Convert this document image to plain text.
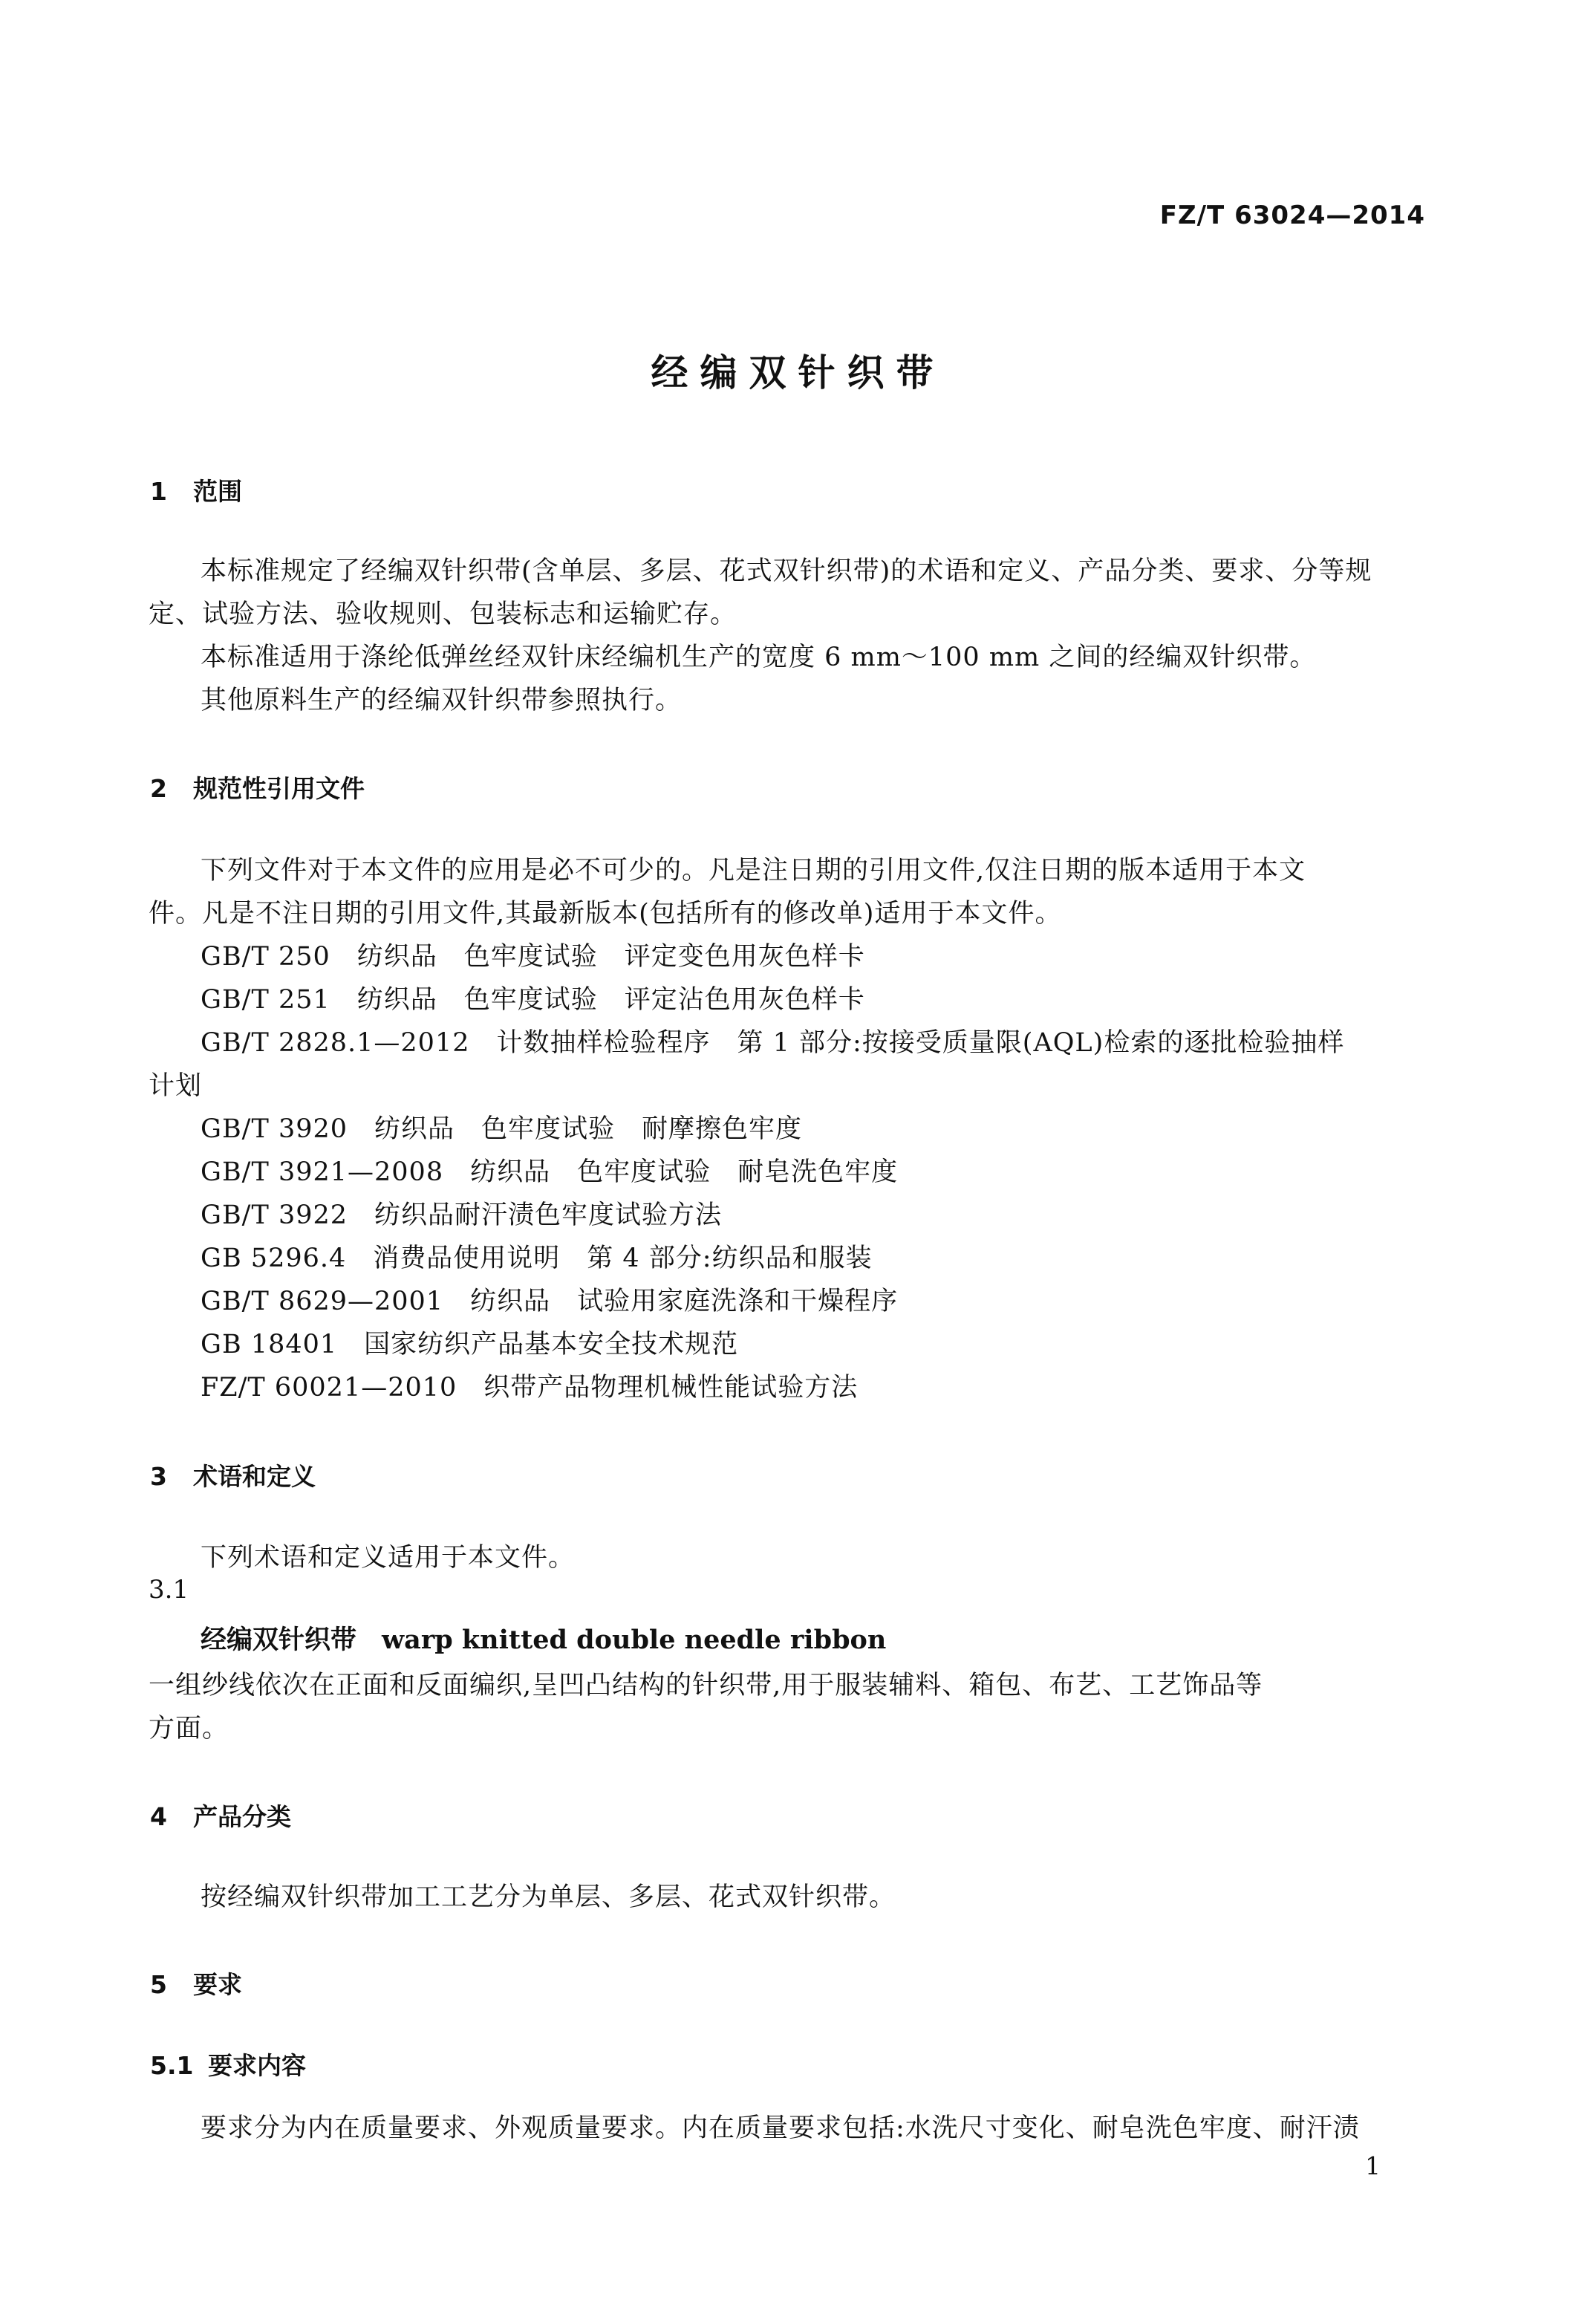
FZ/T 63024—2014
经编双针织带
1 范围
本标准规定了经编双针织带(含单层、多层、花式双针织带)的术语和定义、产品分类、要求、分等规
定、试验方法、验收规则、包装标志和运输贮存。
本标准适用于涤纶低弹丝经双针床经编机生产的宽度 6 mm～100 mm 之间的经编双针织带。
其他原料生产的经编双针织带参照执行。
2 规范性引用文件
下列文件对于本文件的应用是必不可少的。凡是注日期的引用文件,仅注日期的版本适用于本文
件。凡是不注日期的引用文件,其最新版本(包括所有的修改单)适用于本文件。
GB/T 250　纺织品　色牢度试验　评定变色用灰色样卡
GB/T 251　纺织品　色牢度试验　评定沾色用灰色样卡
GB/T 2828.1—2012　计数抽样检验程序　第 1 部分:按接受质量限(AQL)检索的逐批检验抽样
计划
GB/T 3920　纺织品　色牢度试验　耐摩擦色牢度
GB/T 3921—2008　纺织品　色牢度试验　耐皂洗色牢度
GB/T 3922　纺织品耐汗渍色牢度试验方法
GB 5296.4　消费品使用说明　第 4 部分:纺织品和服装
GB/T 8629—2001　纺织品　试验用家庭洗涤和干燥程序
GB 18401　国家纺织产品基本安全技术规范
FZ/T 60021—2010　织带产品物理机械性能试验方法
3 术语和定义
下列术语和定义适用于本文件。
3.1
经编双针织带 warp knitted double needle ribbon
一组纱线依次在正面和反面编织,呈凹凸结构的针织带,用于服装辅料、箱包、布艺、工艺饰品等
方面。
4 产品分类
按经编双针织带加工工艺分为单层、多层、花式双针织带。
5 要求
5.1 要求内容
要求分为内在质量要求、外观质量要求。内在质量要求包括:水洗尺寸变化、耐皂洗色牢度、耐汗渍
1
